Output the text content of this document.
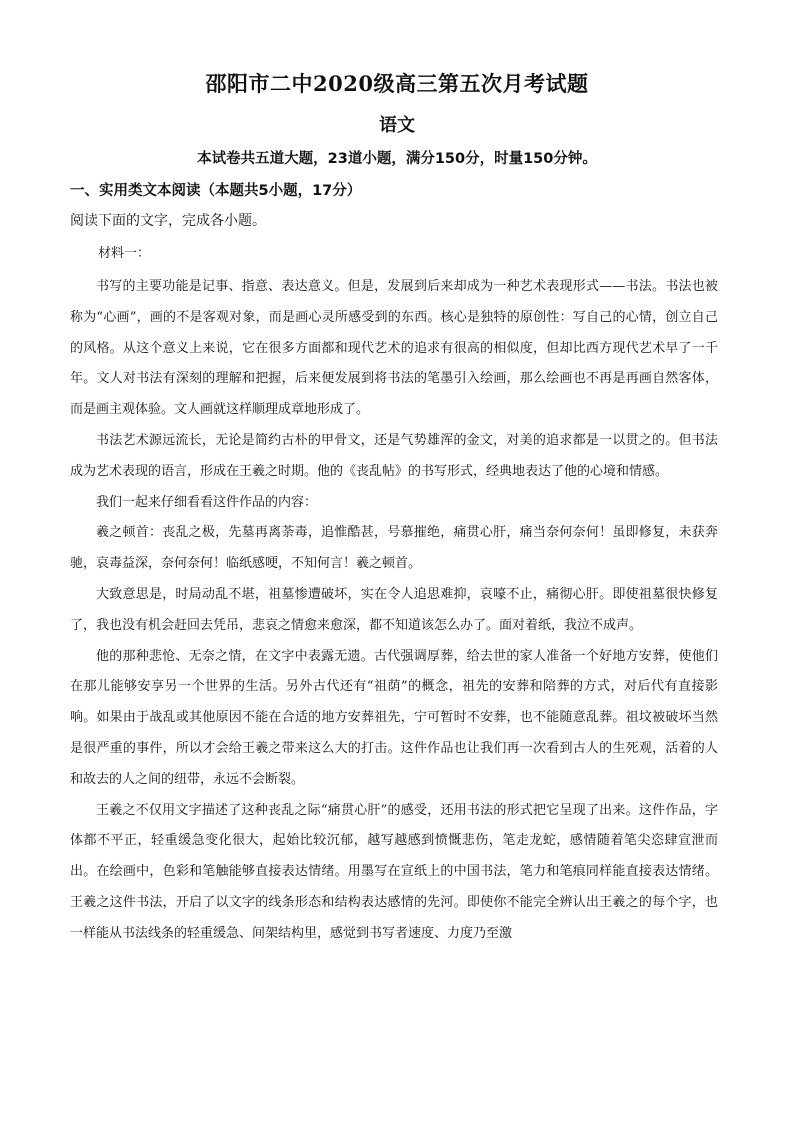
邵阳市二中2020级高三第五次月考试题
语文
本试卷共五道大题，23道小题，满分150分，时量150分钟。
一、实用类文本阅读（本题共5小题，17分）
阅读下面的文字，完成各小题。
材料一：

书写的主要功能是记事、指意、表达意义。但是，发展到后来却成为一种艺术表现形式——书法。书法也被称为“心画”，画的不是客观对象，而是画心灵所感受到的东西。核心是独特的原创性：写自己的心情，创立自己的风格。从这个意义上来说，它在很多方面都和现代艺术的追求有很高的相似度，但却比西方现代艺术早了一千年。文人对书法有深刻的理解和把握，后来便发展到将书法的笔墨引入绘画，那么绘画也不再是再画自然客体，而是画主观体验。文人画就这样顺理成章地形成了。

书法艺术源远流长，无论是简约古朴的甲骨文，还是气势雄浑的金文，对美的追求都是一以贯之的。但书法成为艺术表现的语言，形成在王羲之时期。他的《丧乱帖》的书写形式，经典地表达了他的心境和情感。

我们一起来仔细看看这件作品的内容：

羲之顿首：丧乱之极，先墓再离荼毒，追惟酷甚，号慕摧绝，痛贯心肝，痛当奈何奈何！虽即修复，未获奔驰，哀毒益深，奈何奈何！临纸感哽，不知何言！羲之顿首。

大致意思是，时局动乱不堪，祖墓惨遭破坏，实在令人追思难抑，哀嚎不止，痛彻心肝。即使祖墓很快修复了，我也没有机会赶回去凭吊，悲哀之情愈来愈深，都不知道该怎么办了。面对着纸，我泣不成声。

他的那种悲怆、无奈之情，在文字中表露无遗。古代强调厚葬，给去世的家人准备一个好地方安葬，使他们在那儿能够安享另一个世界的生活。另外古代还有“祖荫”的概念，祖先的安葬和陪葬的方式，对后代有直接影响。如果由于战乱或其他原因不能在合适的地方安葬祖先，宁可暂时不安葬，也不能随意乱葬。祖坟被破坏当然是很严重的事件，所以才会给王羲之带来这么大的打击。这件作品也让我们再一次看到古人的生死观，活着的人和故去的人之间的纽带，永远不会断裂。

王羲之不仅用文字描述了这种丧乱之际“痛贯心肝”的感受，还用书法的形式把它呈现了出来。这件作品，字体都不平正，轻重缓急变化很大，起始比较沉郁，越写越感到愤慨悲伤，笔走龙蛇，感情随着笔尖恣肆宣泄而出。在绘画中，色彩和笔触能够直接表达情绪。用墨写在宣纸上的中国书法，笔力和笔痕同样能直接表达情绪。王羲之这件书法，开启了以文字的线条形态和结构表达感情的先河。即使你不能完全辨认出王羲之的每个字，也一样能从书法线条的轻重缓急、间架结构里，感觉到书写者速度、力度乃至激
